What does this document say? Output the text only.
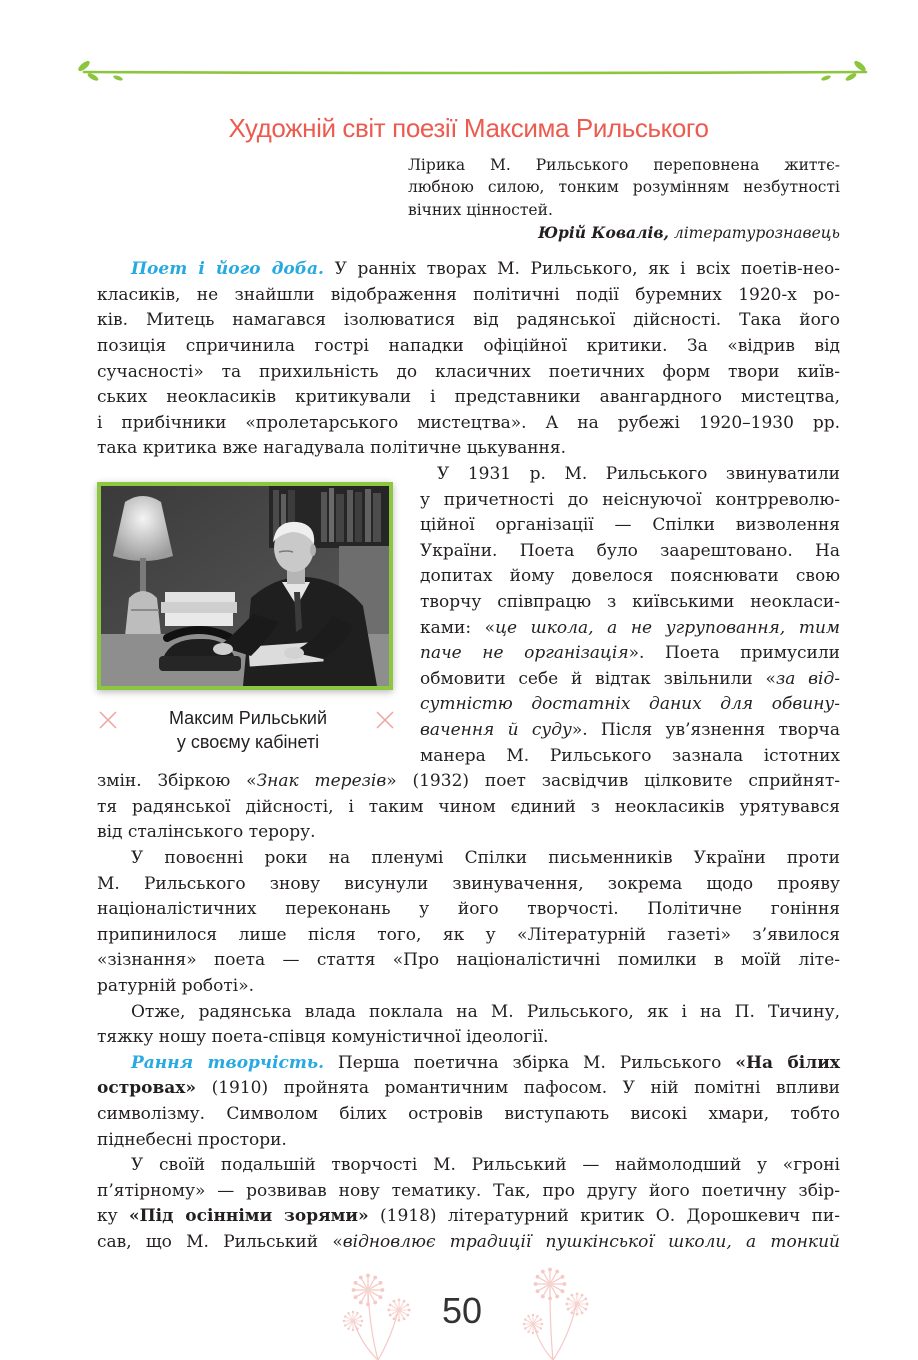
Художній світ поезії Максима Рильського
Лірика М. Рильського переповнена життє-
любною силою, тонким розумінням незбутності
вічних цінностей.
Юрій Ковалів, літературознавець
Максим Рильський
у своєму кабінеті
Поет і його доба. У ранніх творах М. Рильського, як і всіх поетів-нео-
класиків, не знайшли відображення політичні події буремних 1920-х ро-
ків. Митець намагався ізолюватися від радянської дійсності. Така його
позиція спричинила гострі нападки офіційної критики. За «відрив від
сучасності» та прихильність до класичних поетичних форм твори київ-
ських неокласиків критикували і представники авангардного мистецтва,
і прибічники «пролетарського мистецтва». А на рубежі 1920–1930 рр.
така критика вже нагадувала політичне цькування.
У 1931 р. М. Рильського звинуватили
у причетності до неіснуючої контрреволю-
ційної організації — Спілки визволення
України. Поета було заарештовано. На
допитах йому довелося пояснювати свою
творчу співпрацю з київськими неокласи-
ками: «це школа, а не угруповання, тим
паче не організація». Поета примусили
обмовити себе й відтак звільнили «за від-
сутністю достатніх даних для обвину-
вачення й суду». Після ув’язнення творча
манера М. Рильського зазнала істотних
змін. Збіркою «Знак терезів» (1932) поет засвідчив цілковите сприйнят-
тя радянської дійсності, і таким чином єдиний з неокласиків урятувався
від сталінського терору.
У повоєнні роки на пленумі Спілки письменників України проти
М. Рильського знову висунули звинувачення, зокрема щодо прояву
націоналістичних переконань у його творчості. Політичне гоніння
припинилося лише після того, як у «Літературній газеті» з’явилося
«зізнання» поета — стаття «Про націоналістичні помилки в моїй літе-
ратурній роботі».
Отже, радянська влада поклала на М. Рильського, як і на П. Тичину,
тяжку ношу поета-співця комуністичної ідеології.
Рання творчість. Перша поетична збірка М. Рильського «На білих
островах» (1910) пройнята романтичним пафосом. У ній помітні впливи
символізму. Символом білих островів виступають високі хмари, тобто
піднебесні простори.
У своїй подальшій творчості М. Рильський — наймолодший у «гроні
п’ятірному» — розвивав нову тематику. Так, про другу його поетичну збір-
ку «Під осінніми зорями» (1918) літературний критик О. Дорошкевич пи-
сав, що М. Рильський «відновлює традиції пушкінської школи, а тонкий
50
